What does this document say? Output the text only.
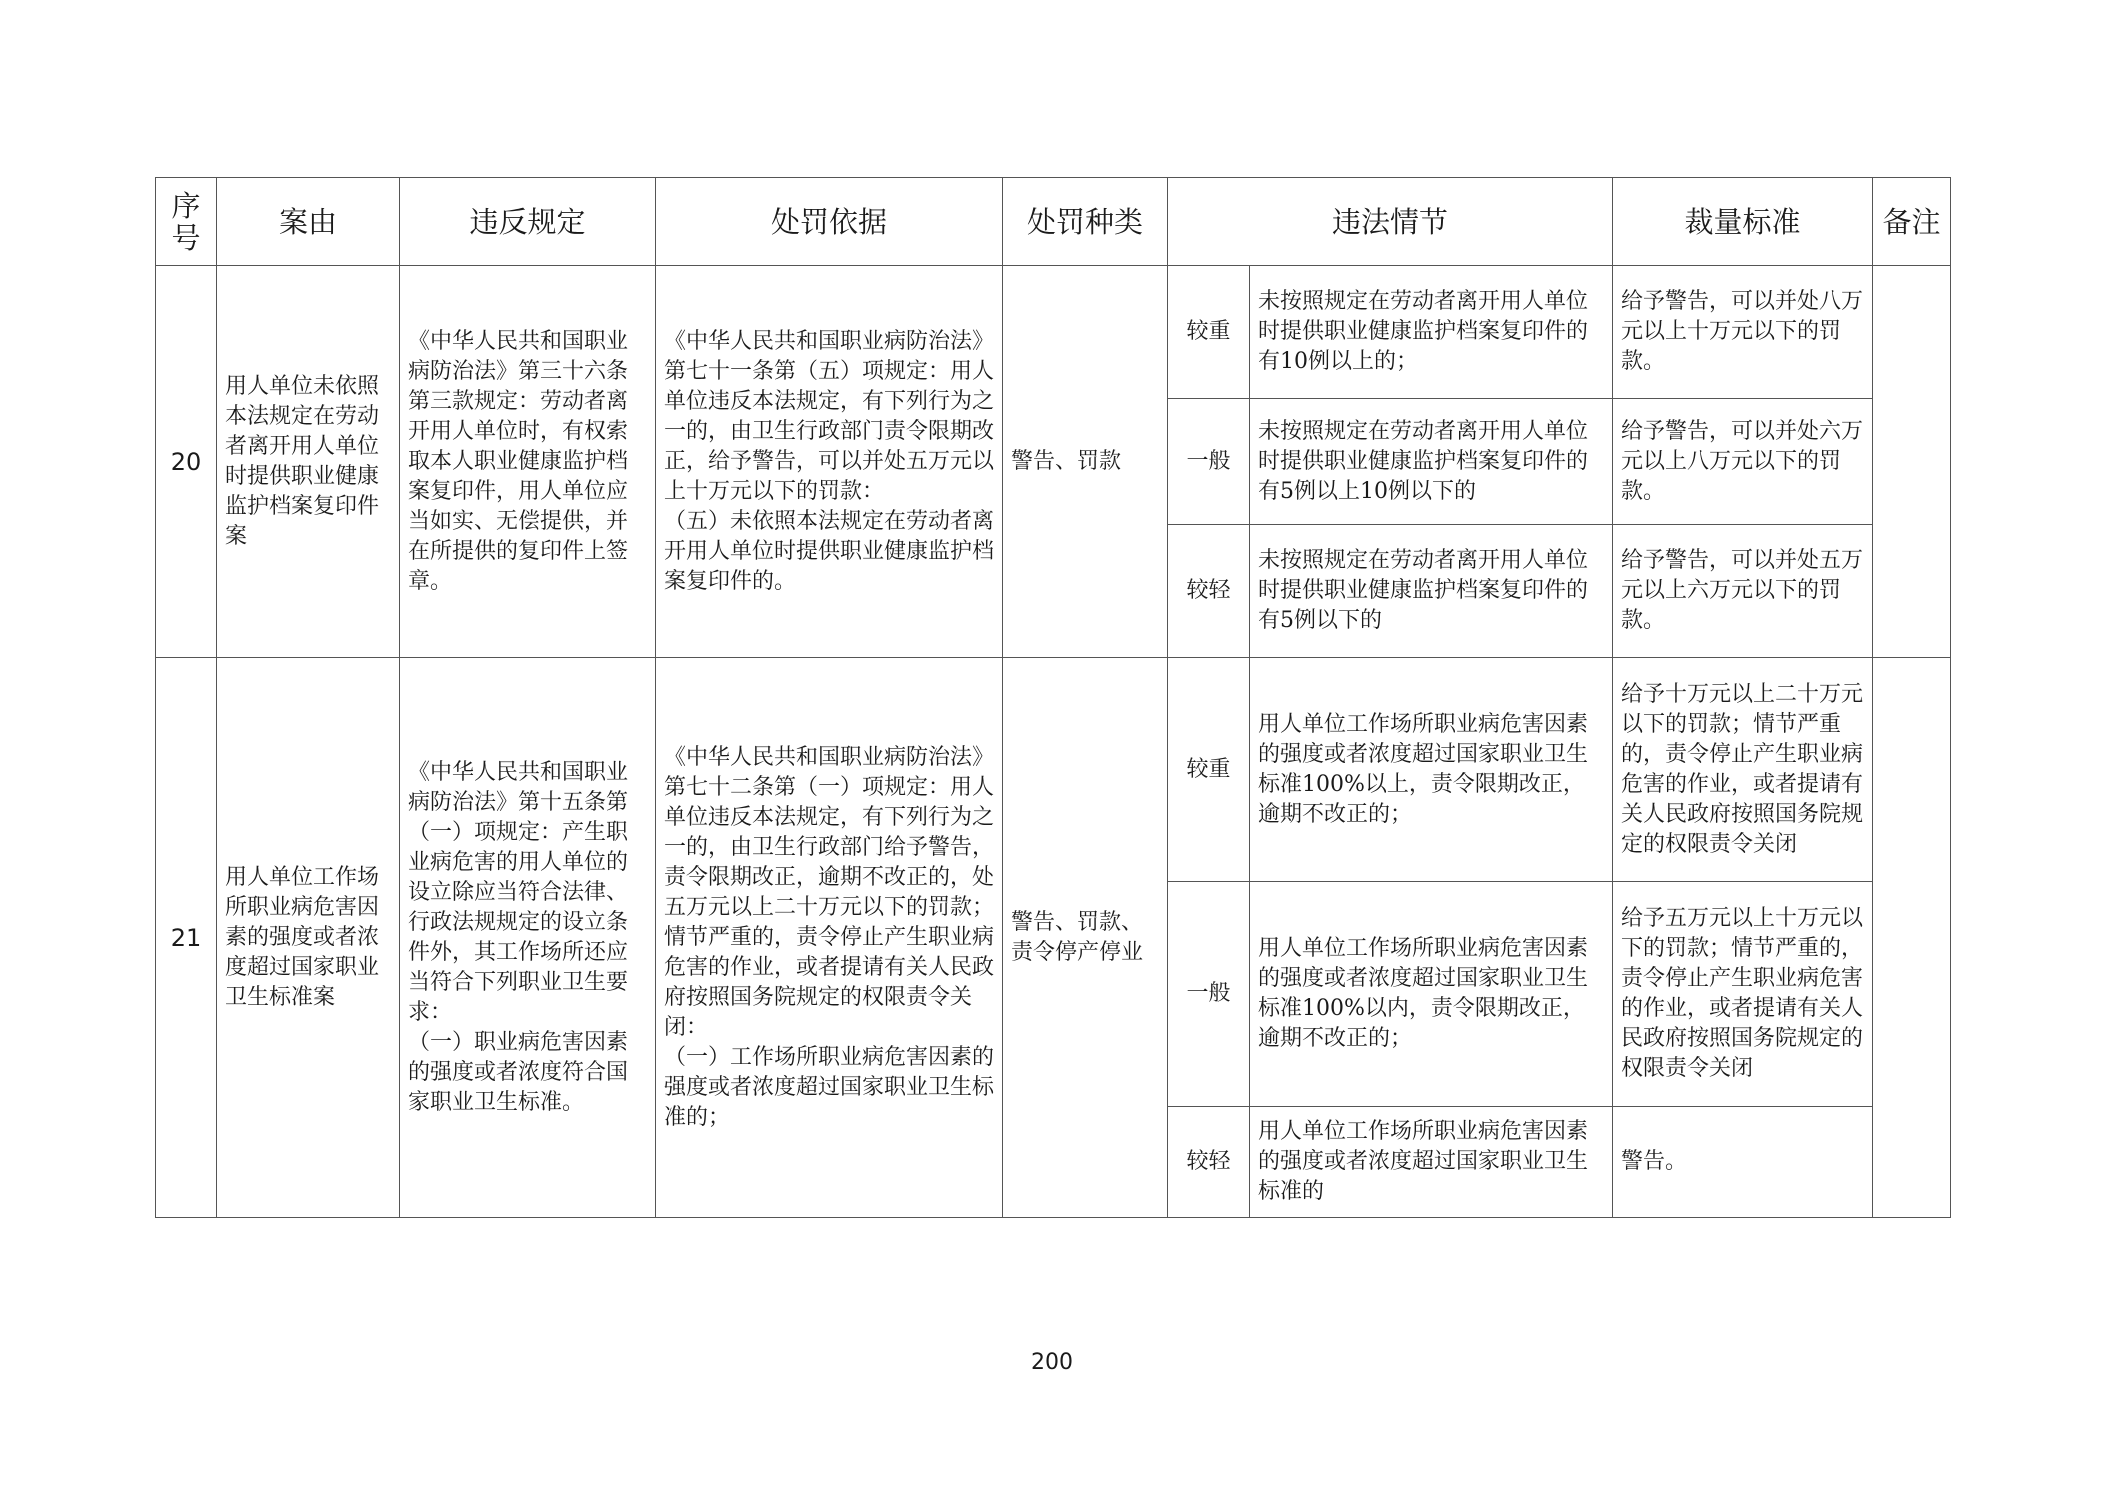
序
号	案由	违反规定	处罚依据	处罚种类	违法情节		裁量标准	备注
20	用人单位未依照本法规定在劳动者离开用人单位时提供职业健康监护档案复印件案	《中华人民共和国职业病防治法》第三十六条第三款规定：劳动者离开用人单位时，有权索取本人职业健康监护档案复印件，用人单位应当如实、无偿提供，并在所提供的复印件上签章。	《中华人民共和国职业病防治法》第七十一条第（五）项规定：用人单位违反本法规定，有下列行为之一的，由卫生行政部门责令限期改正，给予警告，可以并处五万元以上十万元以下的罚款：
（五）未依照本法规定在劳动者离开用人单位时提供职业健康监护档案复印件的。	警告、罚款	较重	未按照规定在劳动者离开用人单位时提供职业健康监护档案复印件的有10例以上的；	给予警告，可以并处八万元以上十万元以下的罚款。	
					一般	未按照规定在劳动者离开用人单位时提供职业健康监护档案复印件的有5例以上10例以下的	给予警告，可以并处六万元以上八万元以下的罚款。	
					较轻	未按照规定在劳动者离开用人单位时提供职业健康监护档案复印件的有5例以下的	给予警告，可以并处五万元以上六万元以下的罚款。	
21	用人单位工作场所职业病危害因素的强度或者浓度超过国家职业卫生标准案	《中华人民共和国职业病防治法》第十五条第（一）项规定：产生职业病危害的用人单位的设立除应当符合法律、行政法规规定的设立条件外，其工作场所还应当符合下列职业卫生要求：
（一）职业病危害因素的强度或者浓度符合国家职业卫生标准。	《中华人民共和国职业病防治法》第七十二条第（一）项规定：用人单位违反本法规定，有下列行为之一的，由卫生行政部门给予警告，责令限期改正，逾期不改正的，处五万元以上二十万元以下的罚款；情节严重的，责令停止产生职业病危害的作业，或者提请有关人民政府按照国务院规定的权限责令关闭：
（一）工作场所职业病危害因素的强度或者浓度超过国家职业卫生标准的；	警告、罚款、
责令停产停业	较重	用人单位工作场所职业病危害因素的强度或者浓度超过国家职业卫生标准100%以上，责令限期改正，逾期不改正的；	给予十万元以上二十万元以下的罚款；情节严重的，责令停止产生职业病危害的作业，或者提请有关人民政府按照国务院规定的权限责令关闭	
					一般	用人单位工作场所职业病危害因素的强度或者浓度超过国家职业卫生标准100%以内，责令限期改正，逾期不改正的；	给予五万元以上十万元以下的罚款；情节严重的，责令停止产生职业病危害的作业，或者提请有关人民政府按照国务院规定的权限责令关闭	
					较轻	用人单位工作场所职业病危害因素的强度或者浓度超过国家职业卫生标准的	警告。	
200
